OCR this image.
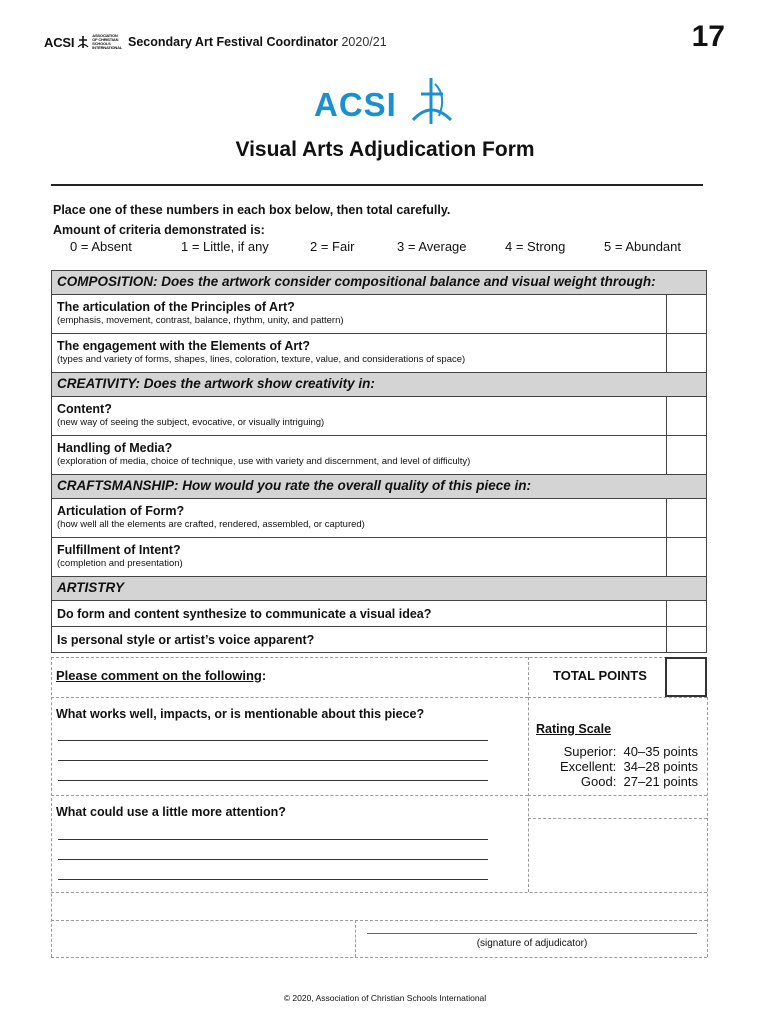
ACSI	ASSOCIATION OF CHRISTIAN SCHOOLS INTERNATIONAL Secondary Art Festival Coordinator 2020/21	17
ACSI
Visual Arts Adjudication Form
Place one of these numbers in each box below, then total carefully.
Amount of criteria demonstrated is:
0 = Absent	1 = Little, if any	2 = Fair	3 = Average	4 = Strong	5 = Abundant
COMPOSITION: Does the artwork consider compositional balance and visual weight through:
The articulation of the Principles of Art?
(emphasis, movement, contrast, balance, rhythm, unity, and pattern)
The engagement with the Elements of Art?
(types and variety of forms, shapes, lines, coloration, texture, value, and considerations of space)
CREATIVITY: Does the artwork show creativity in:
Content?
(new way of seeing the subject, evocative, or visually intriguing)
Handling of Media?
(exploration of media, choice of technique, use with variety and discernment, and level of difficulty)
CRAFTSMANSHIP: How would you rate the overall quality of this piece in:
Articulation of Form?
(how well all the elements are crafted, rendered, assembled, or captured)
Fulfillment of Intent?
(completion and presentation)
ARTISTRY
Do form and content synthesize to communicate a visual idea?
Is personal style or artist’s voice apparent?
Please comment on the following:	TOTAL POINTS
What works well, impacts, or is mentionable about this piece?
What could use a little more attention?
Rating Scale
Superior: 40–35 points
Excellent: 34–28 points
Good: 27–21 points
(signature of adjudicator)
© 2020, Association of Christian Schools International
